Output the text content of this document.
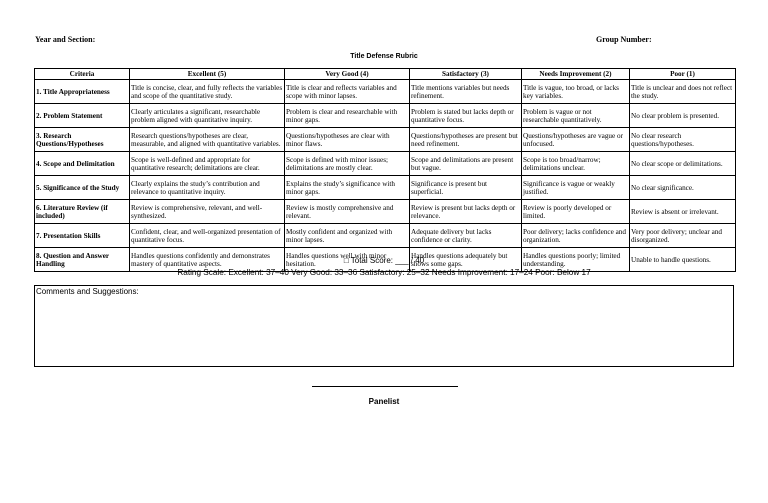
Year and Section:	Group Number:
Title Defense Rubric
Criteria	Excellent (5)	Very Good (4)	Satisfactory (3)	Needs Improvement (2)	Poor (1)
1. Title Appropriateness	Title is concise, clear, and fully reflects the variables and scope of the quantitative study.	Title is clear and reflects variables and scope with minor lapses.	Title mentions variables but needs refinement.	Title is vague, too broad, or lacks key variables.	Title is unclear and does not reflect the study.
2. Problem Statement	Clearly articulates a significant, researchable problem aligned with quantitative inquiry.	Problem is clear and researchable with minor gaps.	Problem is stated but lacks depth or quantitative focus.	Problem is vague or not researchable quantitatively.	No clear problem is presented.
3. Research Questions/Hypotheses	Research questions/hypotheses are clear, measurable, and aligned with quantitative variables.	Questions/hypotheses are clear with minor flaws.	Questions/hypotheses are present but need refinement.	Questions/hypotheses are vague or unfocused.	No clear research questions/hypotheses.
4. Scope and Delimitation	Scope is well-defined and appropriate for quantitative research; delimitations are clear.	Scope is defined with minor issues; delimitations are mostly clear.	Scope and delimitations are present but vague.	Scope is too broad/narrow; delimitations unclear.	No clear scope or delimitations.
5. Significance of the Study	Clearly explains the study’s contribution and relevance to quantitative inquiry.	Explains the study’s significance with minor gaps.	Significance is present but superficial.	Significance is vague or weakly justified.	No clear significance.
6. Literature Review (if included)	Review is comprehensive, relevant, and well-synthesized.	Review is mostly comprehensive and relevant.	Review is present but lacks depth or relevance.	Review is poorly developed or limited.	Review is absent or irrelevant.
7. Presentation Skills	Confident, clear, and well-organized presentation of quantitative focus.	Mostly confident and organized with minor lapses.	Adequate delivery but lacks confidence or clarity.	Poor delivery; lacks confidence and organization.	Very poor delivery; unclear and disorganized.
8. Question and Answer Handling	Handles questions confidently and demonstrates mastery of quantitative aspects.	Handles questions well with minor hesitation.	Handles questions adequately but shows some gaps.	Handles questions poorly; limited understanding.	Unable to handle questions.
□ Total Score: ___ / 40
Rating Scale: Excellent: 37–40 Very Good: 33–36 Satisfactory: 25–32 Needs Improvement: 17–24 Poor: Below 17
Comments and Suggestions:
Panelist
